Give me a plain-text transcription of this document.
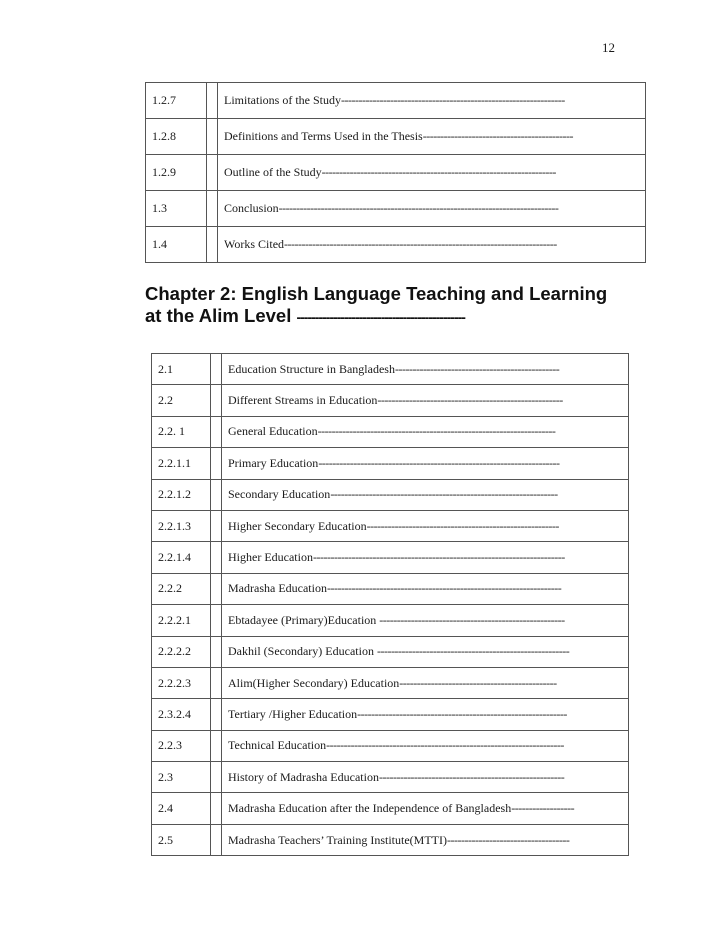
12
1.2.7		Limitations of the Study----------------------------------------------------------------
1.2.8		Definitions and Terms Used in the Thesis-------------------------------------------
1.2.9		Outline of the Study-------------------------------------------------------------------
1.3		Conclusion--------------------------------------------------------------------------------
1.4		Works Cited------------------------------------------------------------------------------
Chapter 2: English Language Teaching and Learning
at the Alim Level ----------------------------------------------
2.1		Education Structure in Bangladesh-----------------------------------------------
2.2		Different Streams in Education-----------------------------------------------------
2.2. 1		General Education--------------------------------------------------------------------
2.2.1.1		Primary Education---------------------------------------------------------------------
2.2.1.2		Secondary Education-----------------------------------------------------------------
2.2.1.3		Higher Secondary Education-------------------------------------------------------
2.2.1.4		Higher Education------------------------------------------------------------------------
2.2.2		Madrasha Education-------------------------------------------------------------------
2.2.2.1		Ebtadayee (Primary)Education -----------------------------------------------------
2.2.2.2		Dakhil (Secondary) Education -------------------------------------------------------
2.2.2.3		Alim(Higher Secondary) Education---------------------------------------------
2.3.2.4		Tertiary /Higher Education------------------------------------------------------------
2.2.3		Technical Education--------------------------------------------------------------------
2.3		History of Madrasha Education-----------------------------------------------------
2.4		Madrasha Education after the Independence of Bangladesh------------------
2.5		Madrasha Teachers’ Training Institute(MTTI)-----------------------------------
